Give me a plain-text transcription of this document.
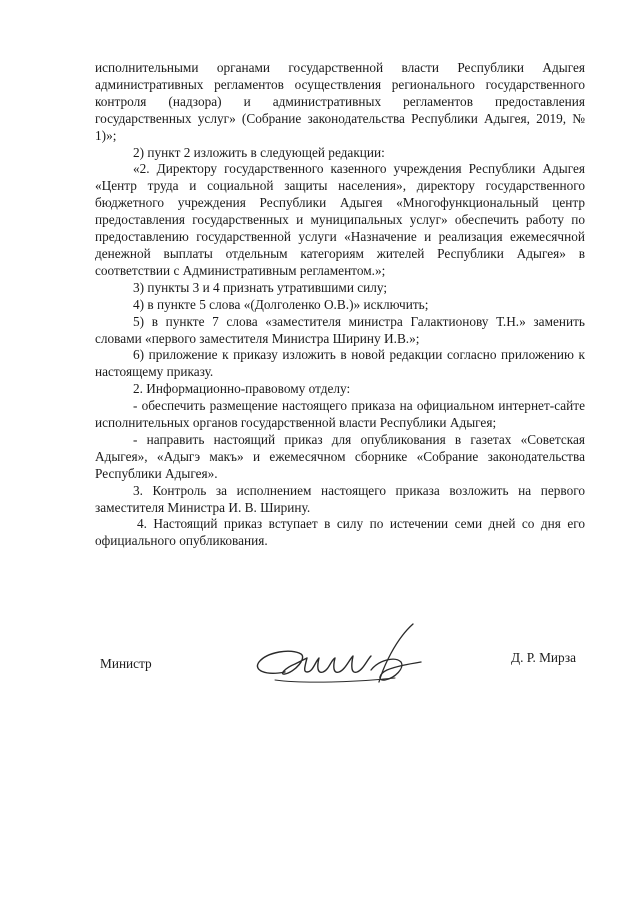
исполнительными органами государственной власти Республики Адыгея административных регламентов осуществления регионального государственного контроля (надзора) и административных регламентов предоставления государственных услуг» (Собрание законодательства Республики Адыгея, 2019, № 1)»;

2) пункт 2 изложить в следующей редакции:

«2. Директору государственного казенного учреждения Республики Адыгея «Центр труда и социальной защиты населения», директору государственного бюджетного учреждения Республики Адыгея «Многофункциональный центр предоставления государственных и муниципальных услуг» обеспечить работу по предоставлению государственной услуги «Назначение и реализация ежемесячной денежной выплаты отдельным категориям жителей Республики Адыгея» в соответствии с Административным регламентом.»;

3) пункты 3 и 4 признать утратившими силу;

4) в пункте 5 слова «(Долголенко О.В.)» исключить;

5) в пункте 7 слова «заместителя министра Галактионову Т.Н.» заменить словами «первого заместителя Министра Ширину И.В.»;

6) приложение к приказу изложить в новой редакции согласно приложению к настоящему приказу.

2. Информационно-правовому отделу:

- обеспечить размещение настоящего приказа на официальном интернет-сайте исполнительных органов государственной власти Республики Адыгея;

- направить настоящий приказ для опубликования в газетах «Советская Адыгея», «Адыгэ макъ» и ежемесячном сборнике «Собрание законодательства Республики Адыгея».

3. Контроль за исполнением настоящего приказа возложить на первого заместителя Министра И. В. Ширину.

4. Настоящий приказ вступает в силу по истечении семи дней со дня его официального опубликования.

Министр	Д. Р. Мирза
